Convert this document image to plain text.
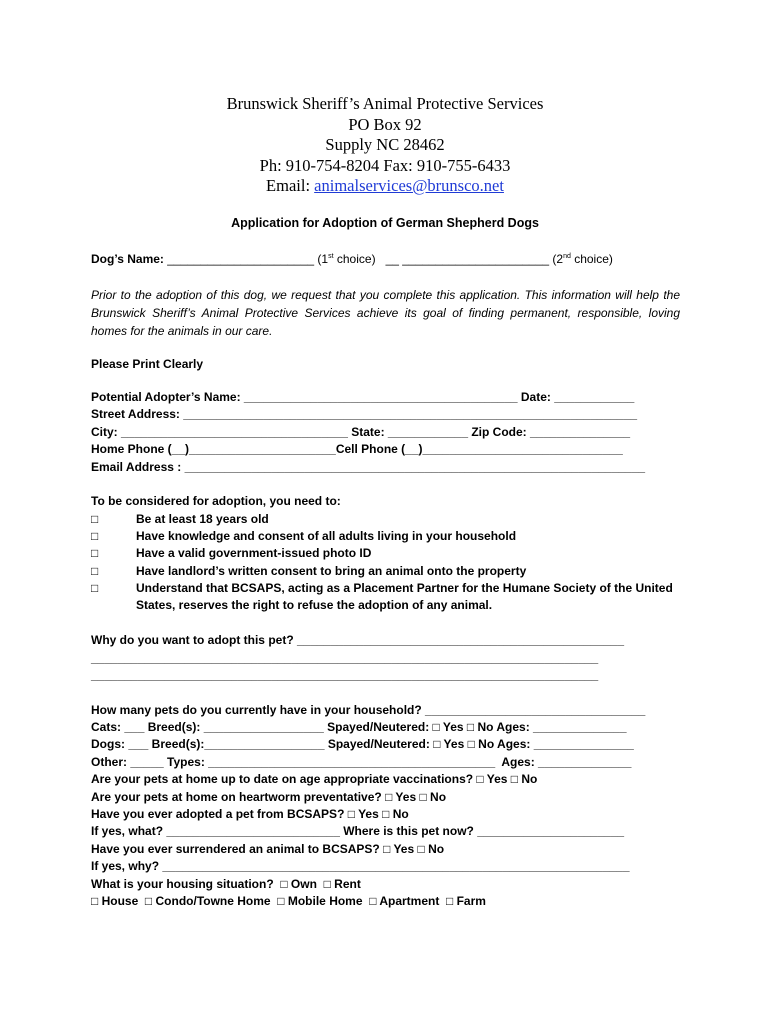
Brunswick Sheriff’s Animal Protective Services
PO Box 92
Supply NC 28462
Ph: 910-754-8204 Fax: 910-755-6433
Email: animalservices@brunsco.net
Application for Adoption of German Shepherd Dogs
Dog’s Name: ______________________ (1st choice)   __ ______________________ (2nd choice)
Prior to the adoption of this dog, we request that you complete this application. This information will help the Brunswick Sheriff’s Animal Protective Services achieve its goal of finding permanent, responsible, loving homes for the animals in our care.
Please Print Clearly
Potential Adopter’s Name: _________________________________________ Date: ____________
Street Address: ____________________________________________________________________
City: __________________________________ State: ____________ Zip Code: _______________
Home Phone (__)______________________Cell Phone (__)______________________________
Email Address : _____________________________________________________________________
To be considered for adoption, you need to:
□	Be at least 18 years old
□	Have knowledge and consent of all adults living in your household
□	Have a valid government-issued photo ID
□	Have landlord’s written consent to bring an animal onto the property
□	Understand that BCSAPS, acting as a Placement Partner for the Humane Society of the United
States, reserves the right to refuse the adoption of any animal.
Why do you want to adopt this pet? _________________________________________________
____________________________________________________________________________
____________________________________________________________________________
How many pets do you currently have in your household? _________________________________
Cats: ___ Breed(s): __________________ Spayed/Neutered: □ Yes □ No Ages: ______________
Dogs: ___ Breed(s):__________________ Spayed/Neutered: □ Yes □ No Ages: _______________
Other: _____ Types: ___________________________________________  Ages: ______________
Are your pets at home up to date on age appropriate vaccinations? □ Yes □ No
Are your pets at home on heartworm preventative? □ Yes □ No
Have you ever adopted a pet from BCSAPS? □ Yes □ No
If yes, what? __________________________ Where is this pet now? ______________________
Have you ever surrendered an animal to BCSAPS? □ Yes □ No
If yes, why? ______________________________________________________________________
What is your housing situation?  □ Own  □ Rent
□ House  □ Condo/Towne Home  □ Mobile Home  □ Apartment  □ Farm
